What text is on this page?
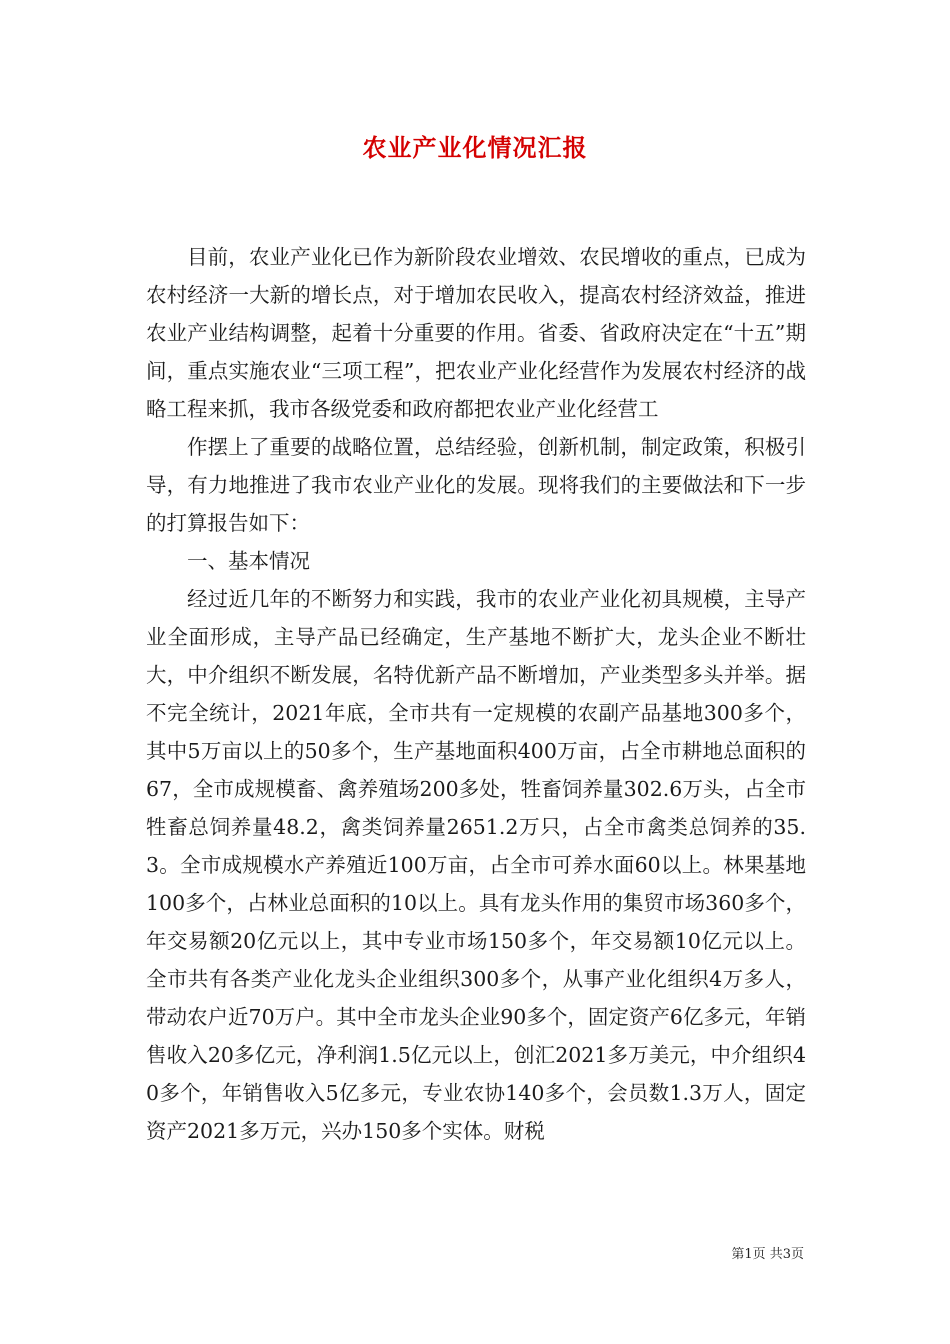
农业产业化情况汇报

目前，农业产业化已作为新阶段农业增效、农民增收的重点，已成为农村经济一大新的增长点，对于增加农民收入，提高农村经济效益，推进农业产业结构调整，起着十分重要的作用。省委、省政府决定在“十五”期间，重点实施农业“三项工程”，把农业产业化经营作为发展农村经济的战略工程来抓，我市各级党委和政府都把农业产业化经营工

作摆上了重要的战略位置，总结经验，创新机制，制定政策，积极引导，有力地推进了我市农业产业化的发展。现将我们的主要做法和下一步的打算报告如下：

一、基本情况

经过近几年的不断努力和实践，我市的农业产业化初具规模，主导产业全面形成，主导产品已经确定，生产基地不断扩大，龙头企业不断壮大，中介组织不断发展，名特优新产品不断增加，产业类型多头并举。据不完全统计，2021年底，全市共有一定规模的农副产品基地300多个，其中5万亩以上的50多个，生产基地面积400万亩，占全市耕地总面积的67，全市成规模畜、禽养殖场200多处，牲畜饲养量302.6万头，占全市牲畜总饲养量48.2，禽类饲养量2651.2万只，占全市禽类总饲养的35.3。全市成规模水产养殖近100万亩，占全市可养水面60以上。林果基地100多个，占林业总面积的10以上。具有龙头作用的集贸市场360多个，年交易额20亿元以上，其中专业市场150多个，年交易额10亿元以上。全市共有各类产业化龙头企业组织300多个，从事产业化组织4万多人，带动农户近70万户。其中全市龙头企业90多个，固定资产6亿多元，年销售收入20多亿元，净利润1.5亿元以上，创汇2021多万美元，中介组织40多个，年销售收入5亿多元，专业农协140多个，会员数1.3万人，固定资产2021多万元，兴办150多个实体。财税

第1页 共3页
